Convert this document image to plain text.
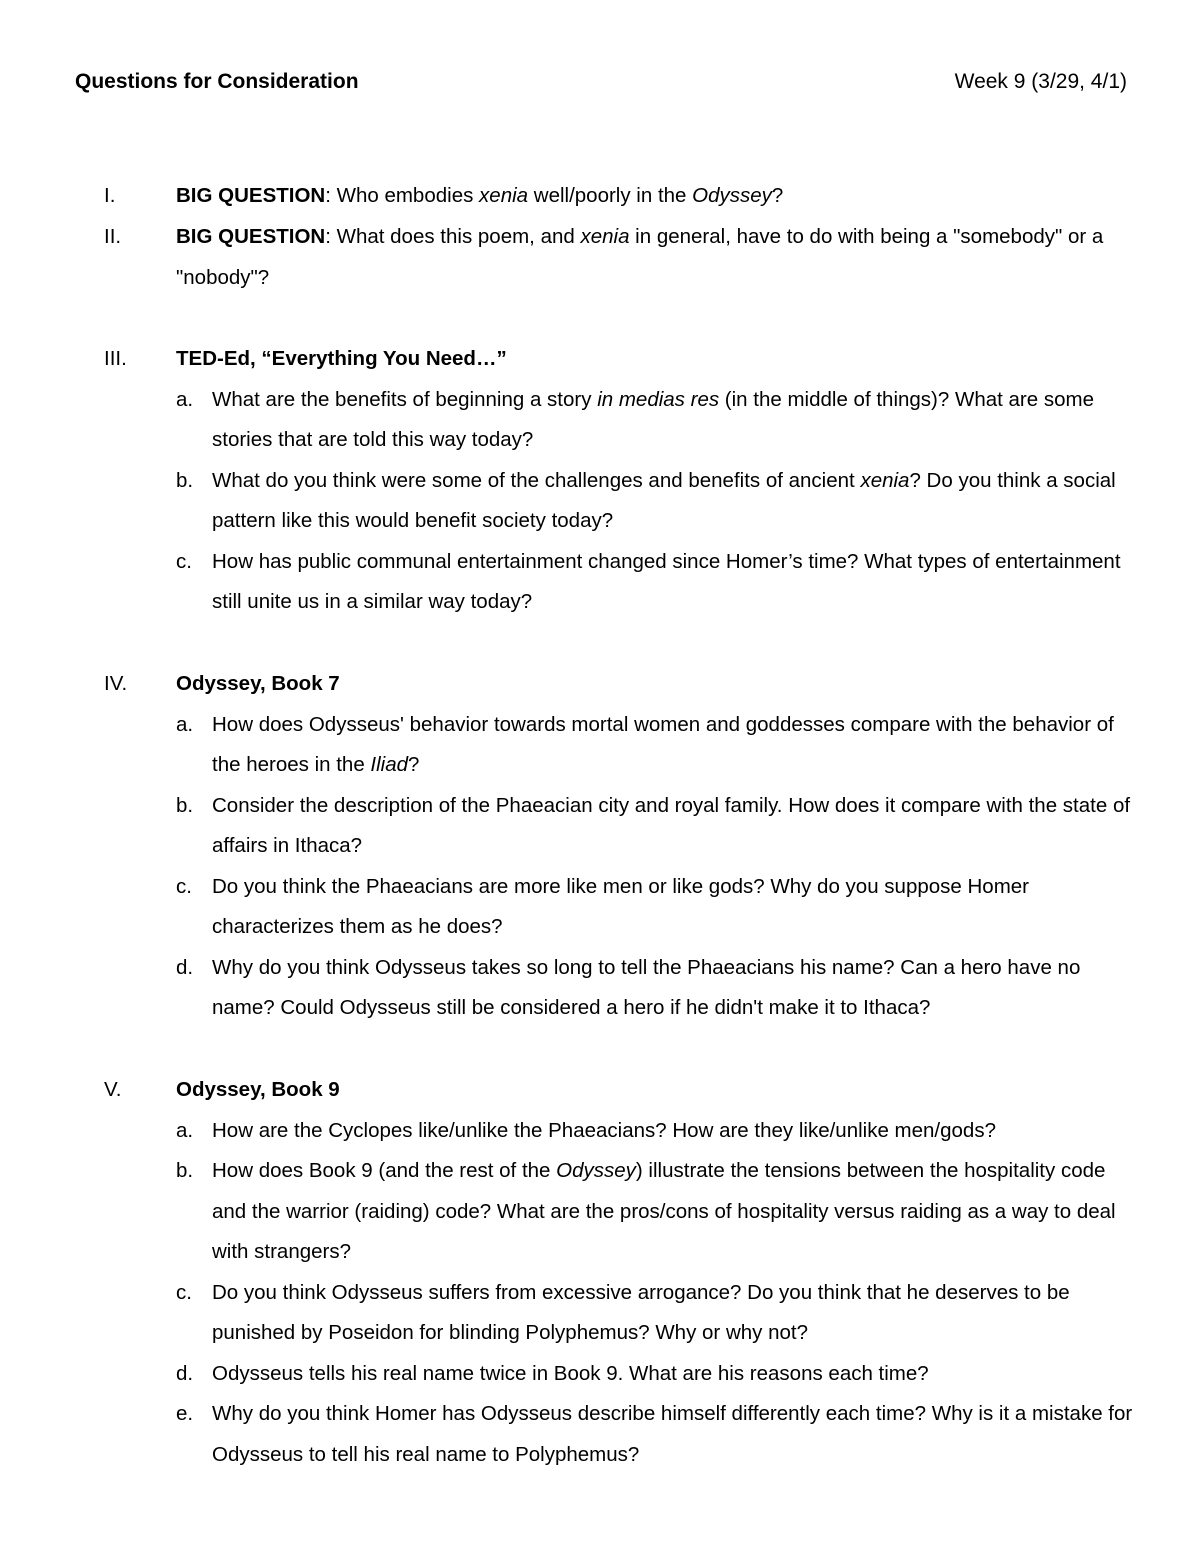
Questions for Consideration	Week 9 (3/29, 4/1)
I.	BIG QUESTION: Who embodies xenia well/poorly in the Odyssey?
II.	BIG QUESTION: What does this poem, and xenia in general, have to do with being a "somebody" or a "nobody"?
III. TED-Ed, “Everything You Need…”
a. What are the benefits of beginning a story in medias res (in the middle of things)? What are some stories that are told this way today?
b. What do you think were some of the challenges and benefits of ancient xenia? Do you think a social pattern like this would benefit society today?
c. How has public communal entertainment changed since Homer’s time? What types of entertainment still unite us in a similar way today?
IV. Odyssey, Book 7
a. How does Odysseus' behavior towards mortal women and goddesses compare with the behavior of the heroes in the Iliad?
b. Consider the description of the Phaeacian city and royal family. How does it compare with the state of affairs in Ithaca?
c. Do you think the Phaeacians are more like men or like gods? Why do you suppose Homer characterizes them as he does?
d. Why do you think Odysseus takes so long to tell the Phaeacians his name? Can a hero have no name? Could Odysseus still be considered a hero if he didn't make it to Ithaca?
V.	Odyssey, Book 9
a. How are the Cyclopes like/unlike the Phaeacians? How are they like/unlike men/gods?
b. How does Book 9 (and the rest of the Odyssey) illustrate the tensions between the hospitality code and the warrior (raiding) code? What are the pros/cons of hospitality versus raiding as a way to deal with strangers?
c. Do you think Odysseus suffers from excessive arrogance? Do you think that he deserves to be punished by Poseidon for blinding Polyphemus? Why or why not?
d. Odysseus tells his real name twice in Book 9. What are his reasons each time?
e. Why do you think Homer has Odysseus describe himself differently each time? Why is it a mistake for Odysseus to tell his real name to Polyphemus?
